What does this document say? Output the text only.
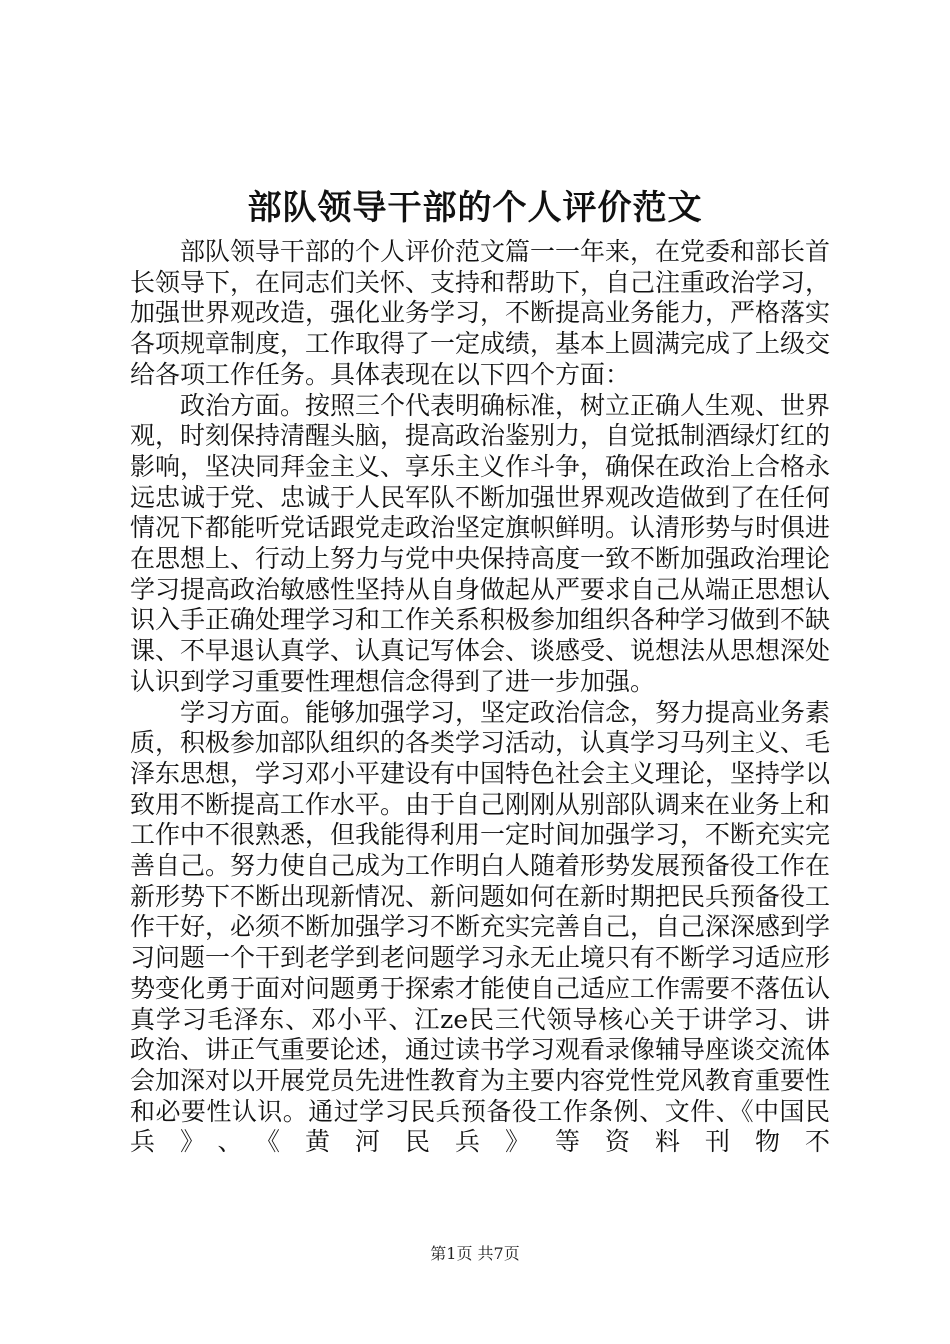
部队领导干部的个人评价范文

部队领导干部的个人评价范文篇一一年来，在党委和部长首长领导下，在同志们关怀、支持和帮助下，自己注重政治学习，加强世界观改造，强化业务学习，不断提高业务能力，严格落实各项规章制度，工作取得了一定成绩，基本上圆满完成了上级交给各项工作任务。具体表现在以下四个方面：

政治方面。按照三个代表明确标准，树立正确人生观、世界观，时刻保持清醒头脑，提高政治鉴别力，自觉抵制酒绿灯红的影响，坚决同拜金主义、享乐主义作斗争，确保在政治上合格永远忠诚于党、忠诚于人民军队不断加强世界观改造做到了在任何情况下都能听党话跟党走政治坚定旗帜鲜明。认清形势与时俱进在思想上、行动上努力与党中央保持高度一致不断加强政治理论学习提高政治敏感性坚持从自身做起从严要求自己从端正思想认识入手正确处理学习和工作关系积极参加组织各种学习做到不缺课、不早退认真学、认真记写体会、谈感受、说想法从思想深处认识到学习重要性理想信念得到了进一步加强。

学习方面。能够加强学习，坚定政治信念，努力提高业务素质，积极参加部队组织的各类学习活动，认真学习马列主义、毛泽东思想，学习邓小平建设有中国特色社会主义理论，坚持学以致用不断提高工作水平。由于自己刚刚从别部队调来在业务上和工作中不很熟悉，但我能得利用一定时间加强学习，不断充实完善自己。努力使自己成为工作明白人随着形势发展预备役工作在新形势下不断出现新情况、新问题如何在新时期把民兵预备役工作干好，必须不断加强学习不断充实完善自己，自己深深感到学习问题一个干到老学到老问题学习永无止境只有不断学习适应形势变化勇于面对问题勇于探索才能使自己适应工作需要不落伍认真学习毛泽东、邓小平、江ze民三代领导核心关于讲学习、讲政治、讲正气重要论述，通过读书学习观看录像辅导座谈交流体会加深对以开展党员先进性教育为主要内容党性党风教育重要性和必要性认识。通过学习民兵预备役工作条例、文件、《中国民兵》、《黄河民兵》等资料刊物不

第1页 共7页
